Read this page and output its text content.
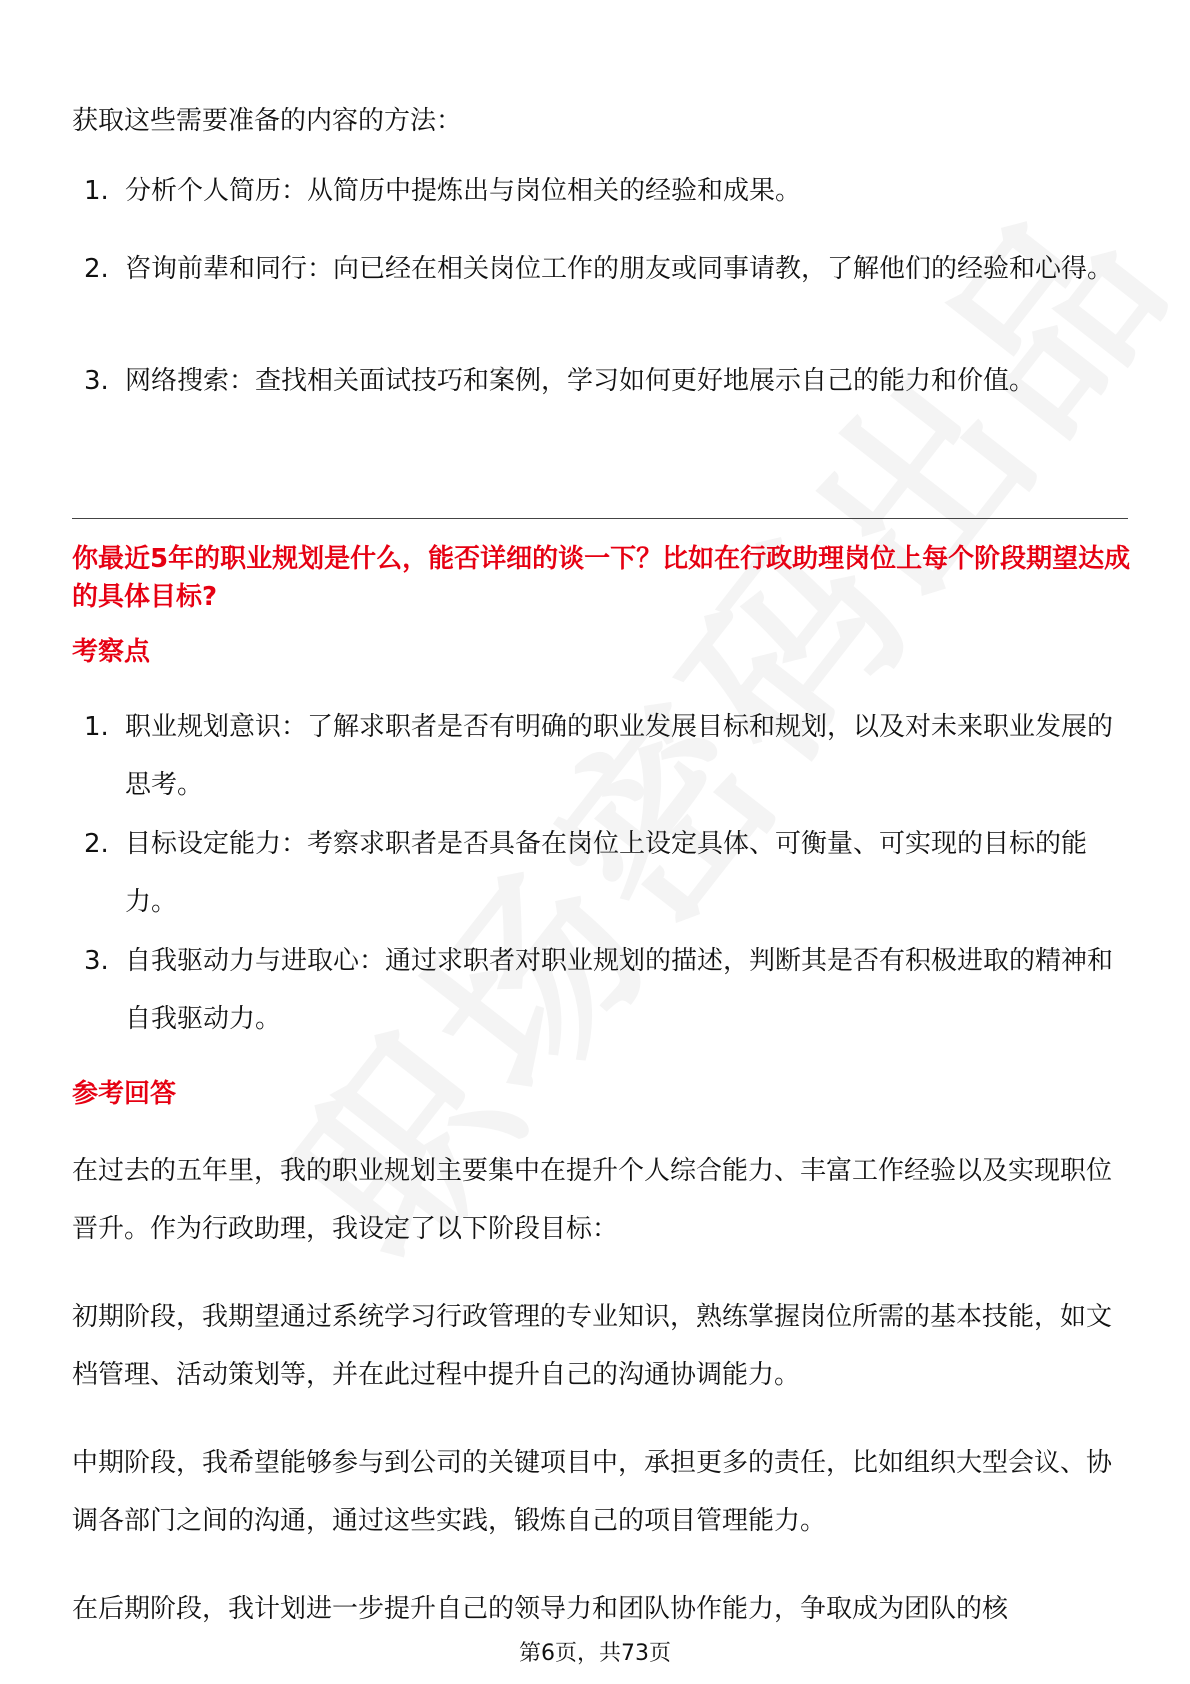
获取这些需要准备的内容的方法：
1. 分析个人简历：从简历中提炼出与岗位相关的经验和成果。
2. 咨询前辈和同行：向已经在相关岗位工作的朋友或同事请教，了解他们的经验和心得。
3. 网络搜索：查找相关面试技巧和案例，学习如何更好地展示自己的能力和价值。
你最近5年的职业规划是什么，能否详细的谈一下？比如在行政助理岗位上每个阶段期望达成的具体目标?
考察点
1. 职业规划意识：了解求职者是否有明确的职业发展目标和规划，以及对未来职业发展的思考。
2. 目标设定能力：考察求职者是否具备在岗位上设定具体、可衡量、可实现的目标的能力。
3. 自我驱动力与进取心：通过求职者对职业规划的描述，判断其是否有积极进取的精神和自我驱动力。
参考回答
在过去的五年里，我的职业规划主要集中在提升个人综合能力、丰富工作经验以及实现职位晋升。作为行政助理，我设定了以下阶段目标：
初期阶段，我期望通过系统学习行政管理的专业知识，熟练掌握岗位所需的基本技能，如文档管理、活动策划等，并在此过程中提升自己的沟通协调能力。
中期阶段，我希望能够参与到公司的关键项目中，承担更多的责任，比如组织大型会议、协调各部门之间的沟通，通过这些实践，锻炼自己的项目管理能力。
在后期阶段，我计划进一步提升自己的领导力和团队协作能力，争取成为团队的核
第6页，共73页
